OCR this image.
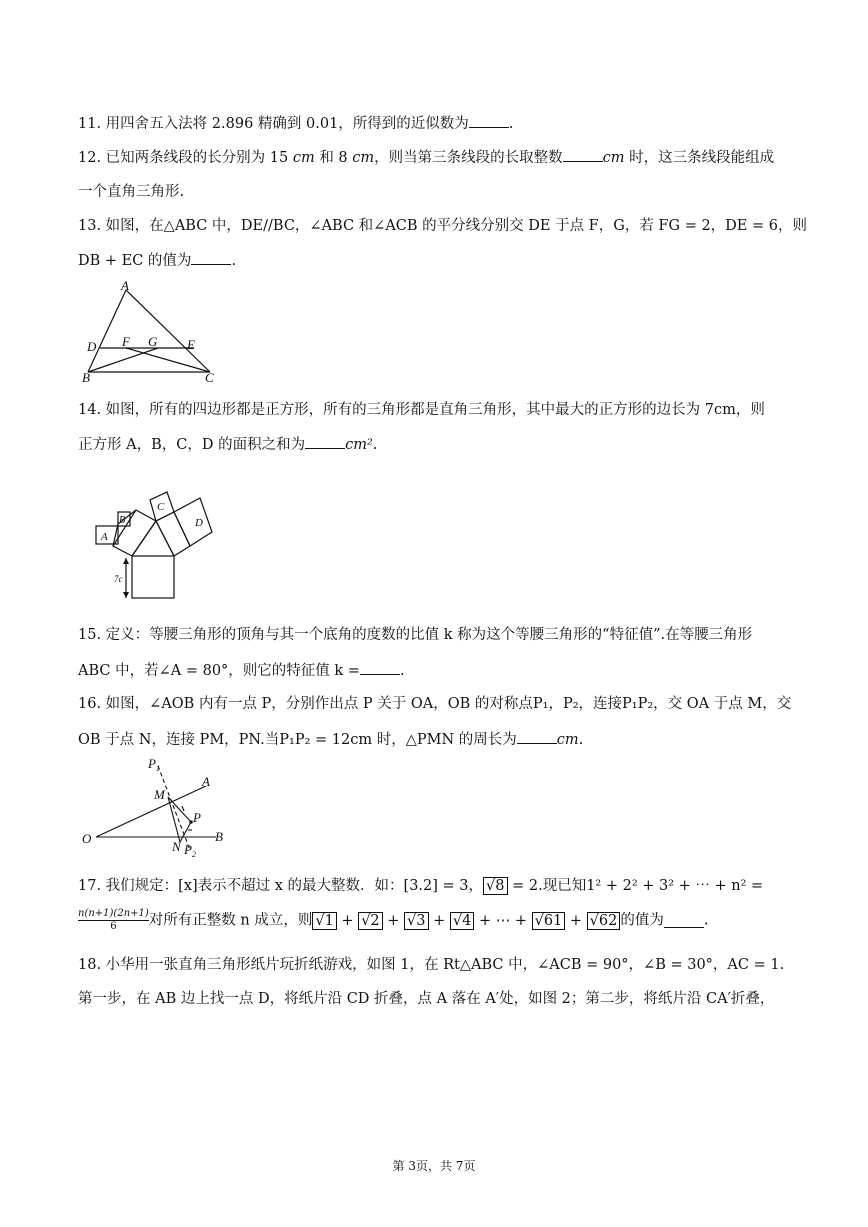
11. 用四舍五入法将 2.896 精确到 0.01，所得到的近似数为	.
12. 已知两条线段的长分别为 15 cm 和 8 cm，则当第三条线段的长取整数	cm 时，这三条线段能组成
一个直角三角形.
13. 如图，在△ABC 中，DE//BC，∠ABC 和∠ACB 的平分线分别交 DE 于点 F，G，若 FG = 2，DE = 6，则
DB + EC 的值为	.
A
D F G E
B	C
14. 如图，所有的四边形都是正方形，所有的三角形都是直角三角形，其中最大的正方形的边长为 7cm，则
正方形 A，B，C，D 的面积之和为	cm².
A
B
C
D
7c
15. 定义：等腰三角形的顶角与其一个底角的度数的比值 k 称为这个等腰三角形的“特征值”.在等腰三角形
ABC 中，若∠A = 80°，则它的特征值 k =	.
16. 如图，∠AOB 内有一点 P，分别作出点 P 关于 OA，OB 的对称点P₁，P₂，连接P₁P₂，交 OA 于点 M，交
OB 于点 N，连接 PM，PN.当P₁P₂ = 12cm 时，△PMN 的周长为	cm.
$P_1$
A
M
P
O	B
N $P_2$
17. 我们规定：[x]表示不超过 x 的最大整数．如：[3.2] = 3， √8 = 2.现已知1² + 2² + 3² + ⋯ + n² =
$\frac{n(n+1)(2n+1)}{6}$ 对所有正整数 n 成立，则 √1 + √2 + √3 + √4 + ⋯ + √61 + √62 的值为	.
18. 小华用一张直角三角形纸片玩折纸游戏，如图 1，在 Rt△ABC 中，∠ACB = 90°，∠B = 30°，AC = 1.
第一步，在 AB 边上找一点 D，将纸片沿 CD 折叠，点 A 落在 A′处，如图 2；第二步，将纸片沿 CA′折叠，
第 3页，共 7页
